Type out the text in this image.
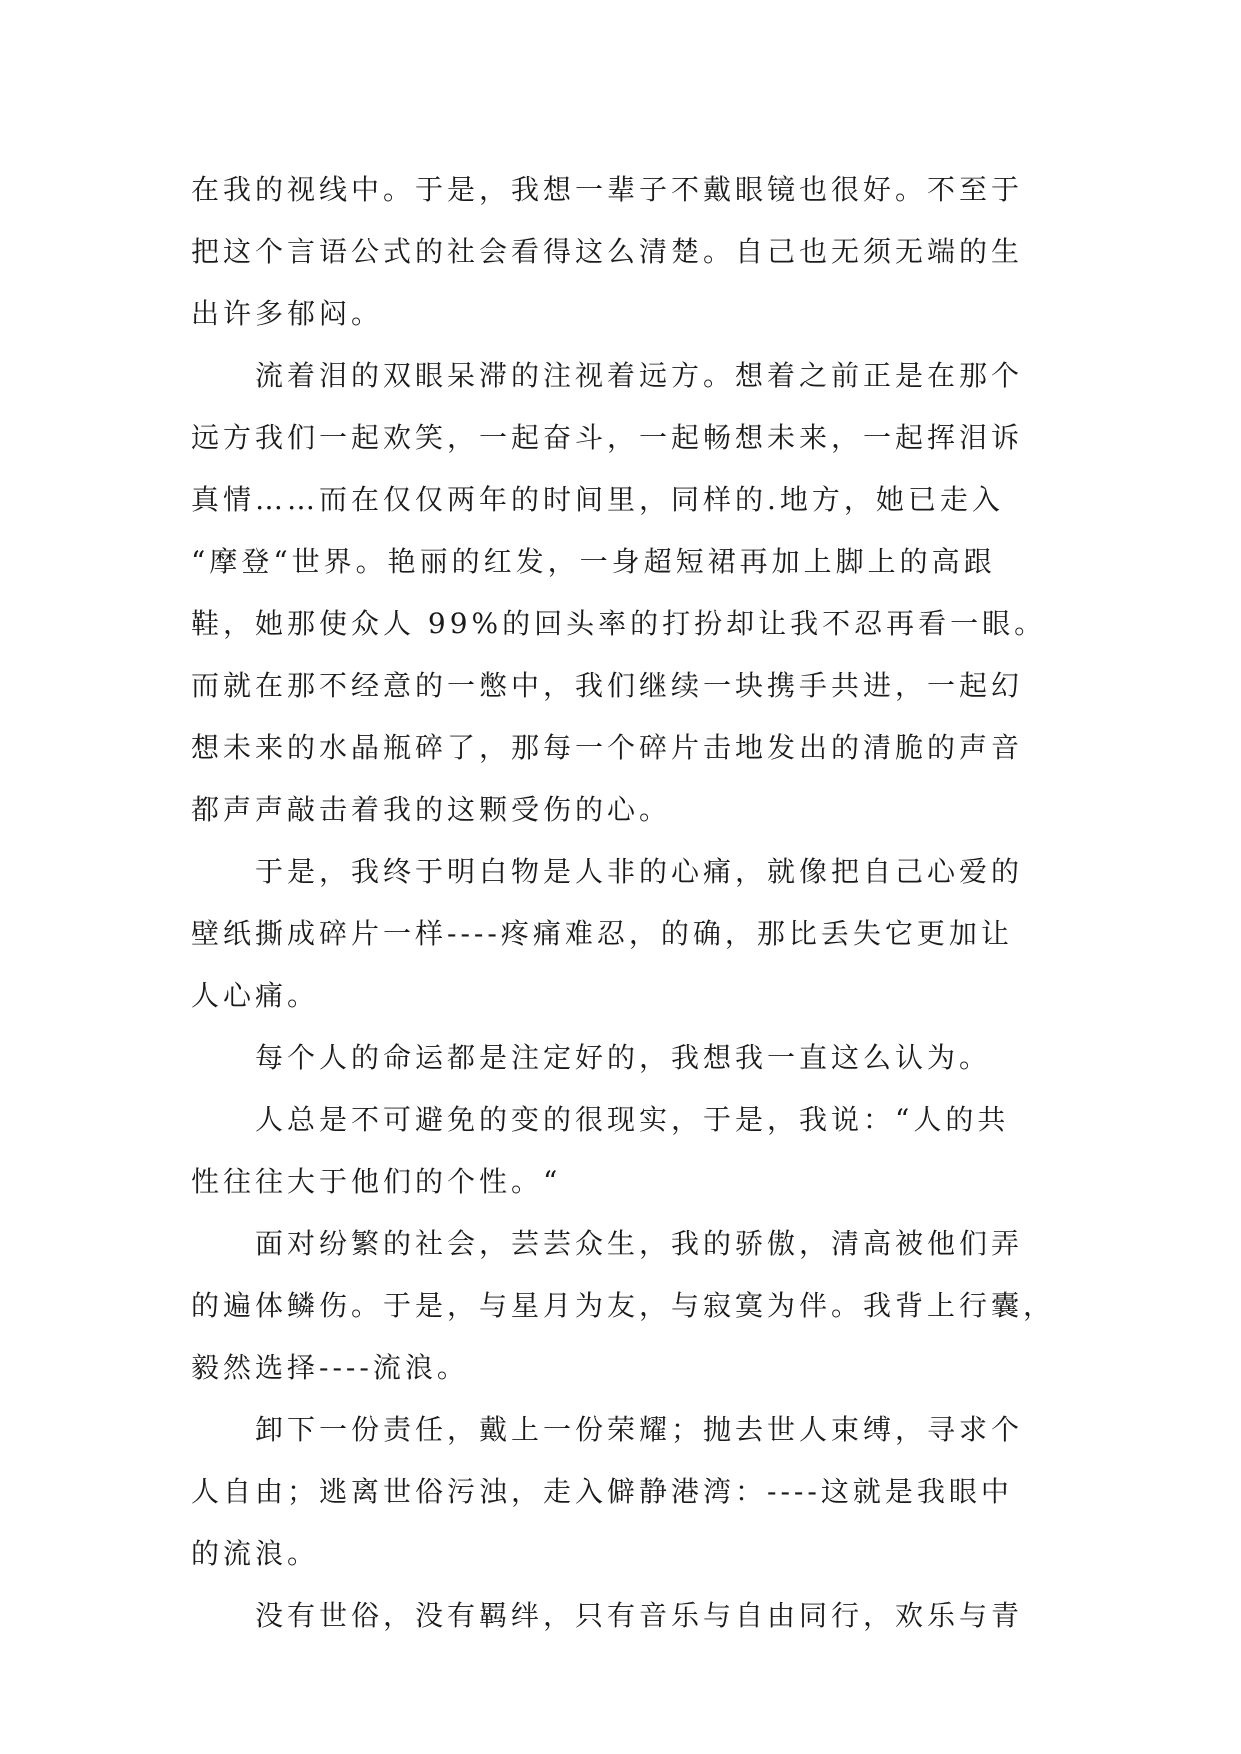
在我的视线中。于是，我想一辈子不戴眼镜也很好。不至于
把这个言语公式的社会看得这么清楚。自己也无须无端的生
出许多郁闷。
流着泪的双眼呆滞的注视着远方。想着之前正是在那个
远方我们一起欢笑，一起奋斗，一起畅想未来，一起挥泪诉
真情……而在仅仅两年的时间里，同样的.地方，她已走入
“摩登“世界。艳丽的红发，一身超短裙再加上脚上的高跟
鞋，她那使众人 99%的回头率的打扮却让我不忍再看一眼。
而就在那不经意的一憋中，我们继续一块携手共进，一起幻
想未来的水晶瓶碎了，那每一个碎片击地发出的清脆的声音
都声声敲击着我的这颗受伤的心。
于是，我终于明白物是人非的心痛，就像把自己心爱的
壁纸撕成碎片一样----疼痛难忍，的确，那比丢失它更加让
人心痛。
每个人的命运都是注定好的，我想我一直这么认为。
人总是不可避免的变的很现实，于是，我说：“人的共
性往往大于他们的个性。“
面对纷繁的社会，芸芸众生，我的骄傲，清高被他们弄
的遍体鳞伤。于是，与星月为友，与寂寞为伴。我背上行囊，
毅然选择----流浪。
卸下一份责任，戴上一份荣耀；抛去世人束缚，寻求个
人自由；逃离世俗污浊，走入僻静港湾：----这就是我眼中
的流浪。
没有世俗，没有羁绊，只有音乐与自由同行，欢乐与青
